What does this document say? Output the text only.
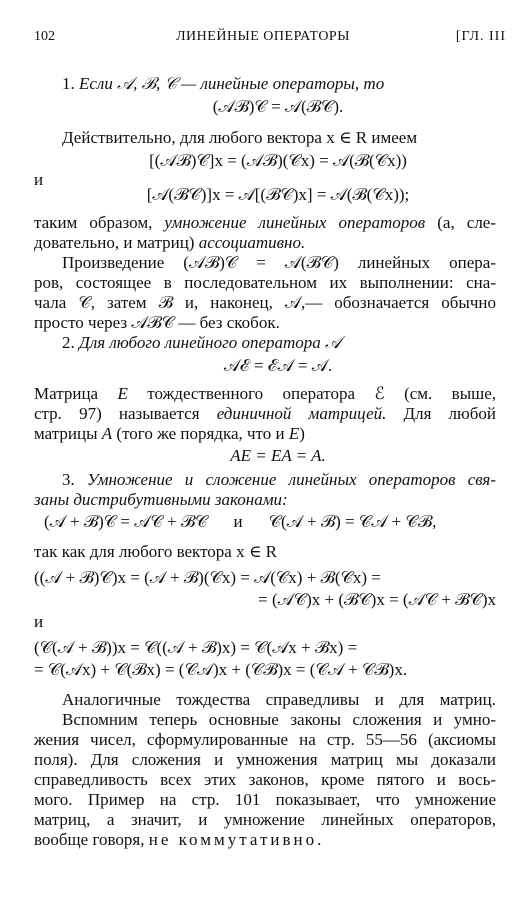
102	ЛИНЕЙНЫЕ ОПЕРАТОРЫ	[ГЛ. III
1. Если 𝒜, ℬ, 𝒞 — линейные операторы, то
(𝒜ℬ)𝒞 = 𝒜(ℬ𝒞).
Действительно, для любого вектора x ∈ R имеем
[(𝒜ℬ)𝒞]x = (𝒜ℬ)(𝒞x) = 𝒜(ℬ(𝒞x))
и
[𝒜(ℬ𝒞)]x = 𝒜[(ℬ𝒞)x] = 𝒜(ℬ(𝒞x));
таким образом, умножение линейных операторов (а, сле-
довательно, и матриц) ассоциативно.
Произведение (𝒜ℬ)𝒞 = 𝒜(ℬ𝒞) линейных опера-
ров, состоящее в последовательном их выполнении: сна-
чала 𝒞, затем ℬ и, наконец, 𝒜,— обозначается обычно
просто через 𝒜ℬ𝒞 — без скобок.
2. Для любого линейного оператора 𝒜
𝒜ℰ = ℰ𝒜 = 𝒜.
Матрица E тождественного оператора ℰ (см. выше,
стр. 97) называется единичной матрицей. Для любой
матрицы A (того же порядка, что и E)
AE = EA = A.
3. Умножение и сложение линейных операторов свя-
заны дистрибутивными законами:
(𝒜 + ℬ)𝒞 = 𝒜𝒞 + ℬ𝒞 и 𝒞(𝒜 + ℬ) = 𝒞𝒜 + 𝒞ℬ,
так как для любого вектора x ∈ R
((𝒜 + ℬ)𝒞)x = (𝒜 + ℬ)(𝒞x) = 𝒜(𝒞x) + ℬ(𝒞x) =
= (𝒜𝒞)x + (ℬ𝒞)x = (𝒜𝒞 + ℬ𝒞)x
и
(𝒞(𝒜 + ℬ))x = 𝒞((𝒜 + ℬ)x) = 𝒞(𝒜x + ℬx) =
= 𝒞(𝒜x) + 𝒞(ℬx) = (𝒞𝒜)x + (𝒞ℬ)x = (𝒞𝒜 + 𝒞ℬ)x.
Аналогичные тождества справедливы и для матриц.
Вспомним теперь основные законы сложения и умно-
жения чисел, сформулированные на стр. 55—56 (аксиомы
поля). Для сложения и умножения матриц мы доказали
справедливость всех этих законов, кроме пятого и вось-
мого. Пример на стр. 101 показывает, что умножение
матриц, а значит, и умножение линейных операторов,
вообще говоря, не коммутативно.
